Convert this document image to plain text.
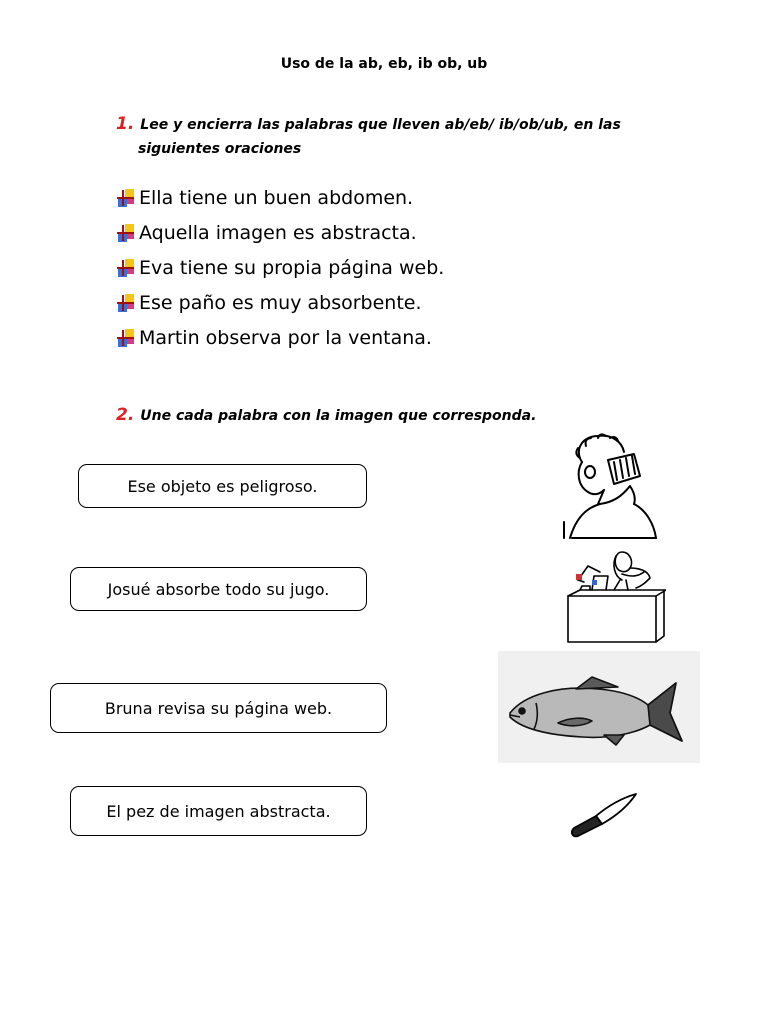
Uso de la ab, eb, ib ob, ub
1. Lee y encierra las palabras que lleven ab/eb/ ib/ob/ub, en las
siguientes oraciones
Ella tiene un buen abdomen.
Aquella imagen es abstracta.
Eva tiene su propia página web.
Ese paño es muy absorbente.
Martin observa por la ventana.
2. Une cada palabra con la imagen que corresponda.
Ese objeto es peligroso.
Josué absorbe todo su jugo.
Bruna revisa su página web.
El pez de imagen abstracta.
